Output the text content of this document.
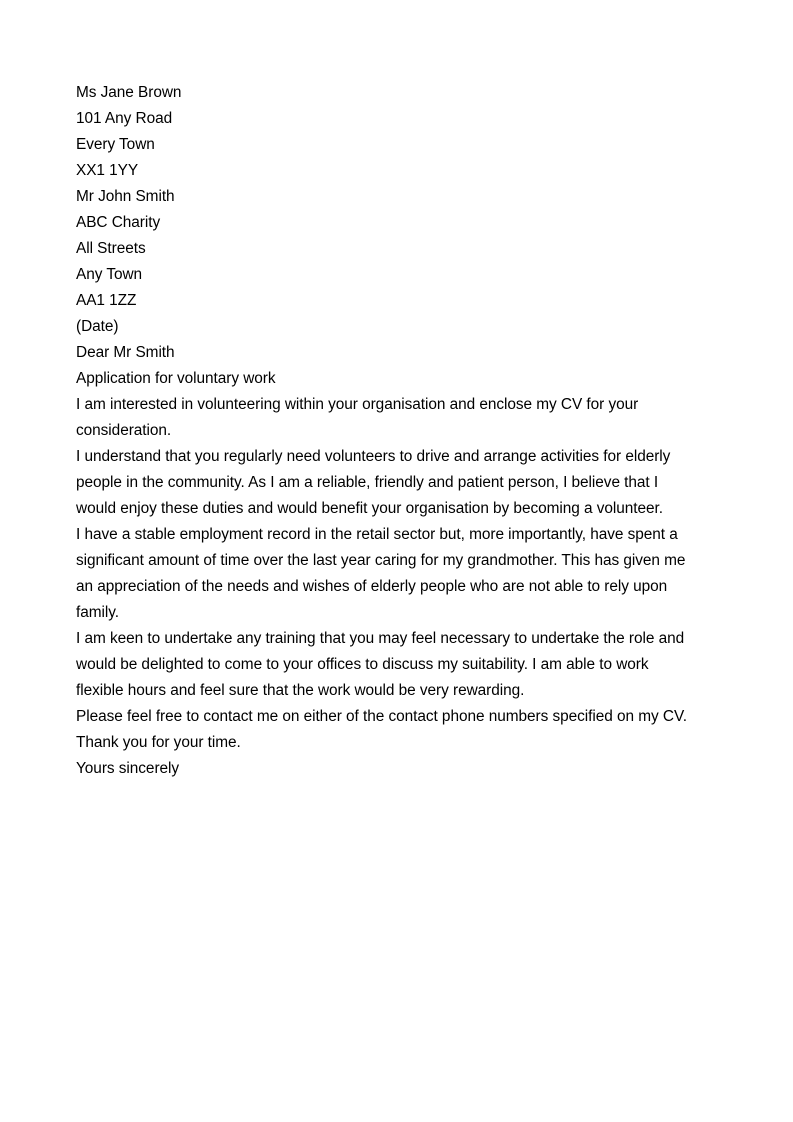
Ms Jane Brown
101 Any Road
Every Town
XX1 1YY
Mr John Smith
ABC Charity
All Streets
Any Town
AA1 1ZZ
(Date)
Dear Mr Smith
Application for voluntary work
I am interested in volunteering within your organisation and enclose my CV for your
consideration.
I understand that you regularly need volunteers to drive and arrange activities for elderly
people in the community. As I am a reliable, friendly and patient person, I believe that I
would enjoy these duties and would benefit your organisation by becoming a volunteer.
I have a stable employment record in the retail sector but, more importantly, have spent a
significant amount of time over the last year caring for my grandmother. This has given me
an appreciation of the needs and wishes of elderly people who are not able to rely upon
family.
I am keen to undertake any training that you may feel necessary to undertake the role and
would be delighted to come to your offices to discuss my suitability. I am able to work
flexible hours and feel sure that the work would be very rewarding.
Please feel free to contact me on either of the contact phone numbers specified on my CV.
Thank you for your time.
Yours sincerely
